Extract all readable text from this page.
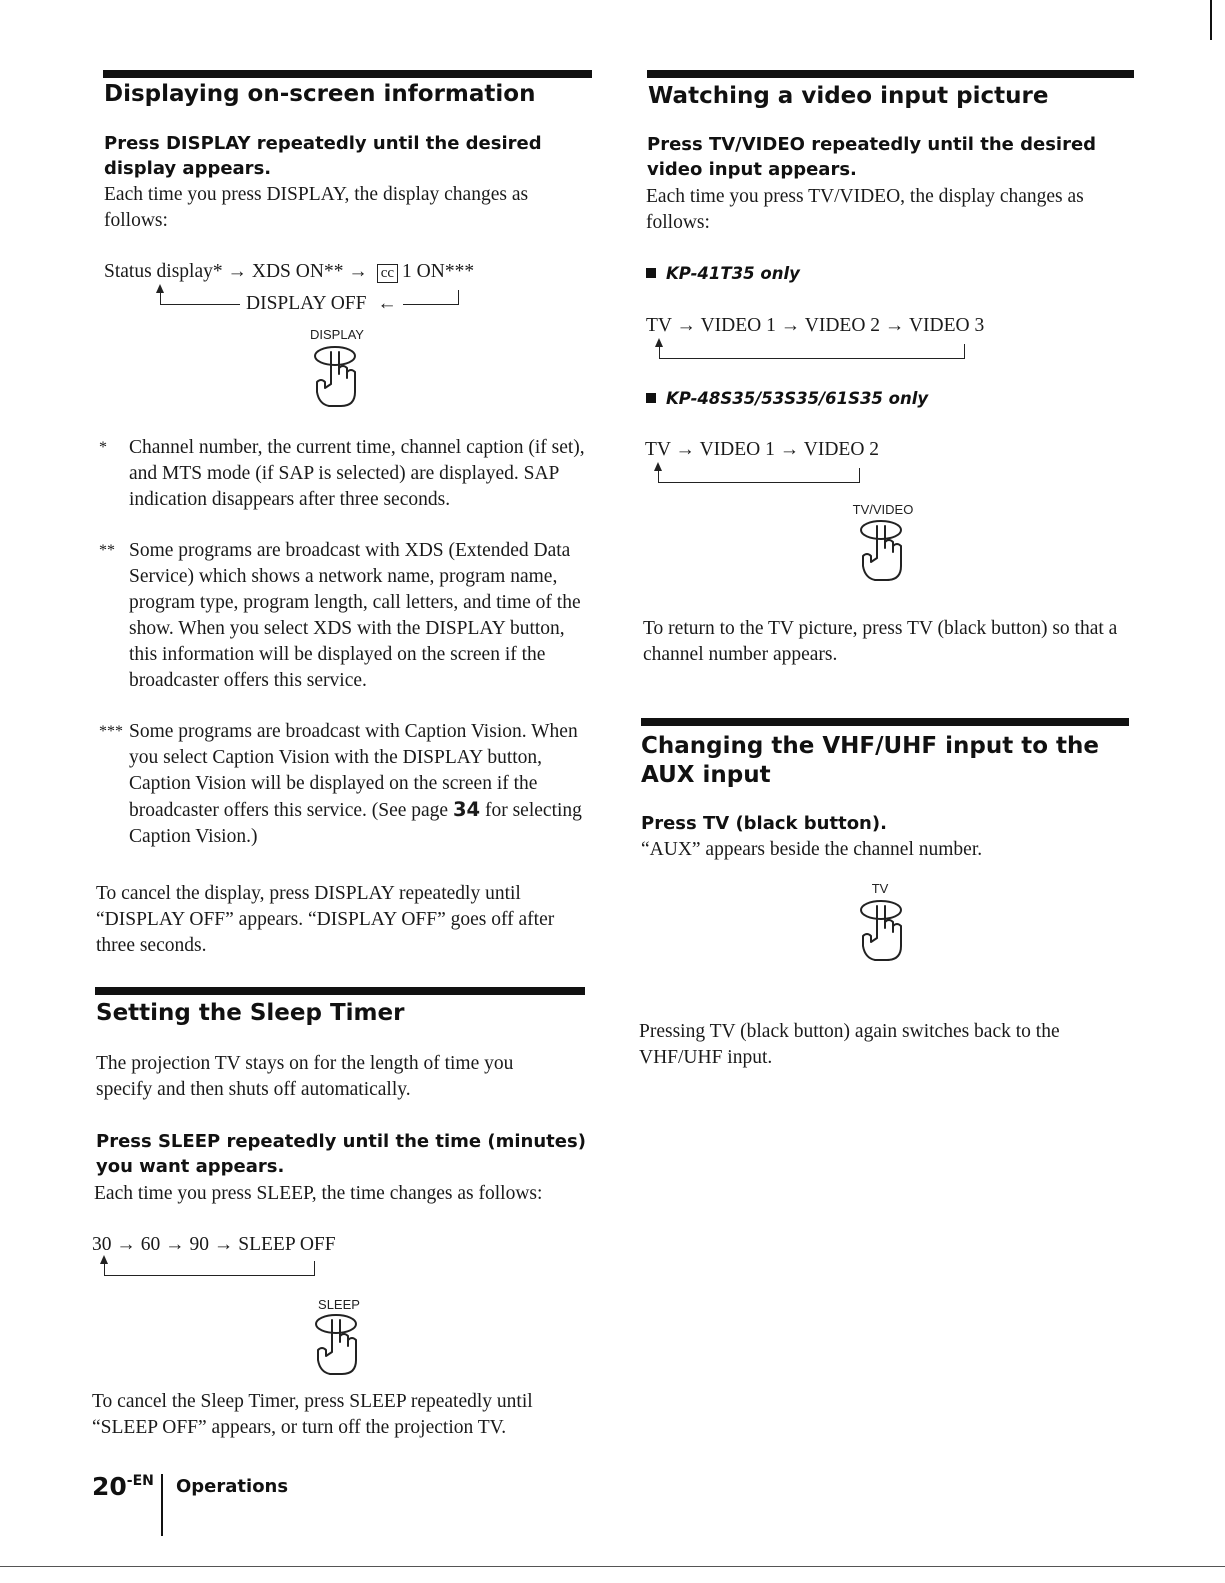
Displaying on-screen information
Press DISPLAY repeatedly until the desired display appears.

Each time you press DISPLAY, the display changes as follows:

Status display* → XDS ON** → cc 1 ON***
DISPLAY OFF ←
DISPLAY
*	Channel number, the current time, channel caption (if set), and MTS mode (if SAP is selected) are displayed. SAP indication disappears after three seconds.
** Some programs are broadcast with XDS (Extended Data Service) which shows a network name, program name, program type, program length, call letters, and time of the show. When you select XDS with the DISPLAY button, this information will be displayed on the screen if the broadcaster offers this service.
*** Some programs are broadcast with Caption Vision. When you select Caption Vision with the DISPLAY button, Caption Vision will be displayed on the screen if the broadcaster offers this service. (See page 34 for selecting Caption Vision.)

To cancel the display, press DISPLAY repeatedly until “DISPLAY OFF” appears. “DISPLAY OFF” goes off after three seconds.

Setting the Sleep Timer

The projection TV stays on for the length of time you specify and then shuts off automatically.

Press SLEEP repeatedly until the time (minutes) you want appears.

Each time you press SLEEP, the time changes as follows:

30 → 60 → 90 → SLEEP OFF
SLEEP

To cancel the Sleep Timer, press SLEEP repeatedly until “SLEEP OFF” appears, or turn off the projection TV.

Watching a video input picture
Press TV/VIDEO repeatedly until the desired video input appears.

Each time you press TV/VIDEO, the display changes as follows:

KP-41T35 only
TV → VIDEO 1 → VIDEO 2 → VIDEO 3
KP-48S35/53S35/61S35 only
TV → VIDEO 1 → VIDEO 2
TV/VIDEO

To return to the TV picture, press TV (black button) so that a channel number appears.

Changing the VHF/UHF input to the
AUX input
Press TV (black button).

“AUX” appears beside the channel number.

TV

Pressing TV (black button) again switches back to the VHF/UHF input.

$20^{-EN}$ Operations
